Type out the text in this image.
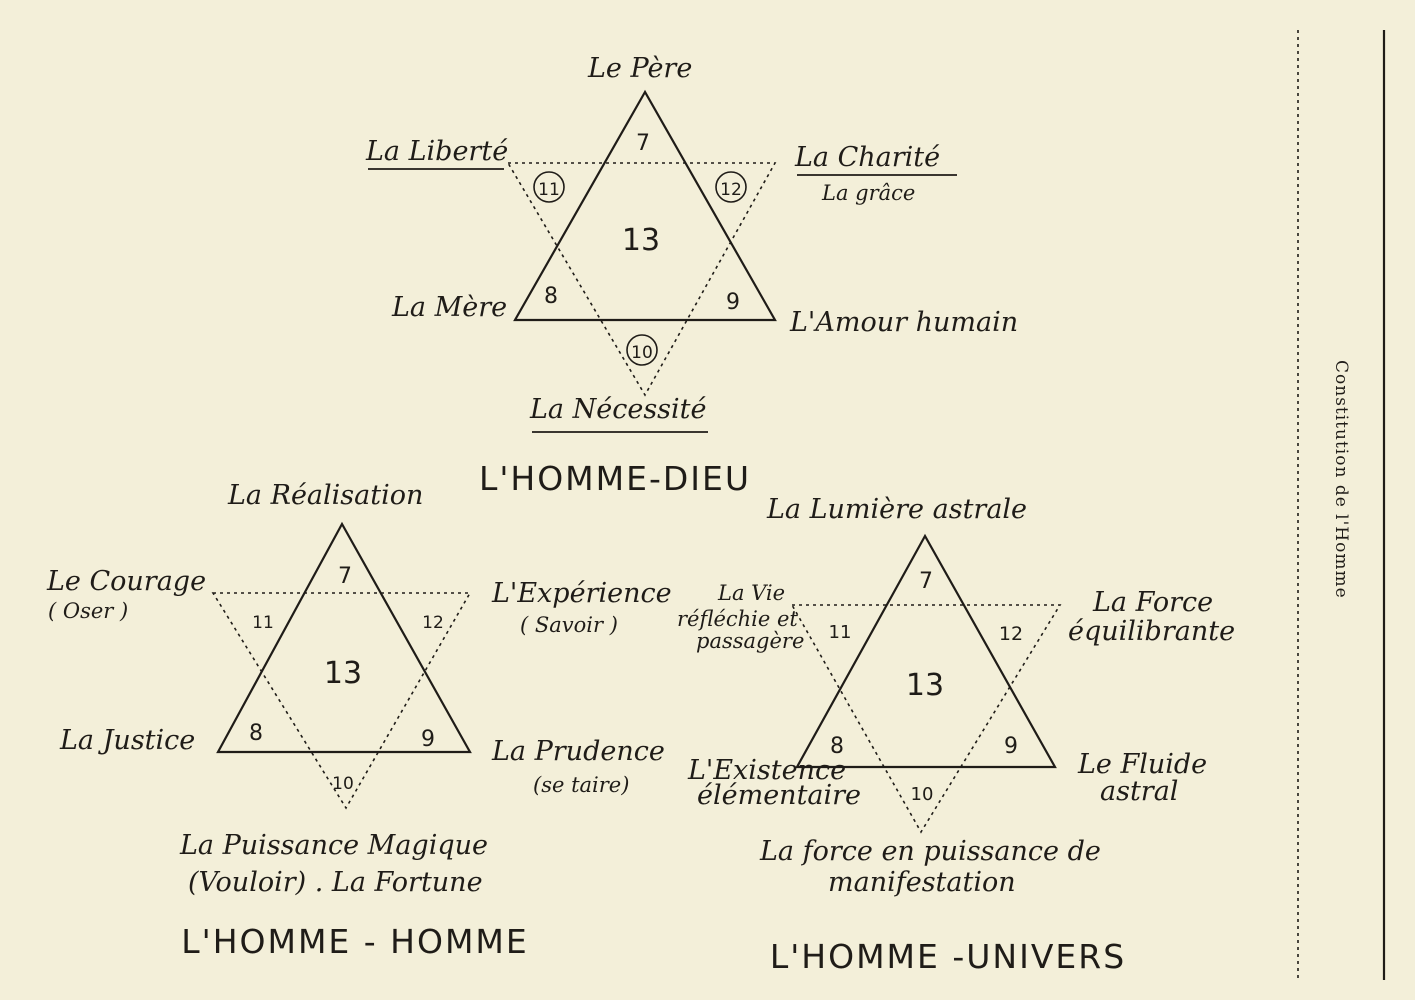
Constitution de l'Homme
7
13
8	9
11	12
10
Le Père
La Liberté	La Charité
La grâce
La Mère	L'Amour humain
La Nécessité
L'HOMME-DIEU
7
13
8	9
11	12
10
La Réalisation
Le Courage
( Oser )
L'Expérience
( Savoir )
La Justice	La Prudence
(se taire)
La Puissance Magique
(Vouloir) . La Fortune
L'HOMME - HOMME
7
13
8	9
11	12
10
La Lumière astrale
La Vie
réfléchie et
passagère
La Force
équilibrante
L'Existence
élémentaire
Le Fluide
astral
La force en puissance de
manifestation
L'HOMME -UNIVERS
